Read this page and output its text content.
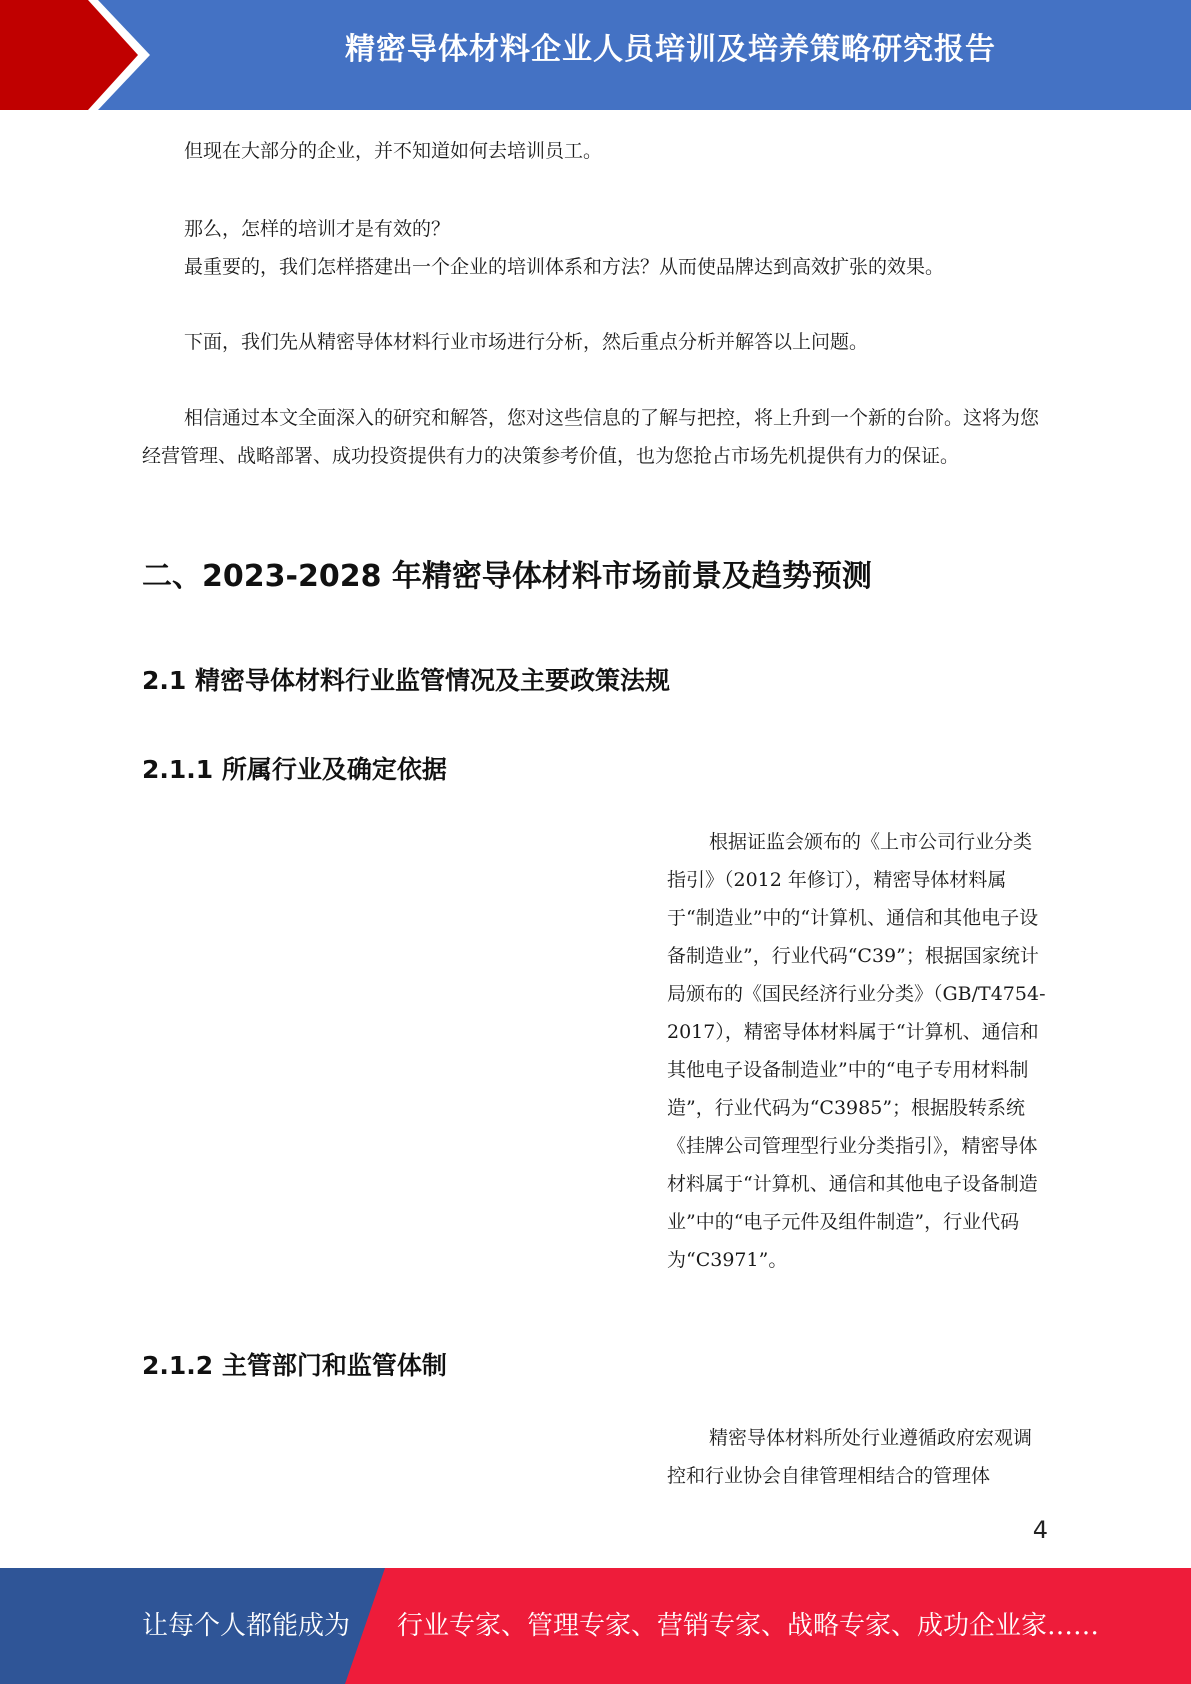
精密导体材料企业人员培训及培养策略研究报告

但现在大部分的企业，并不知道如何去培训员工。

那么，怎样的培训才是有效的？

最重要的，我们怎样搭建出一个企业的培训体系和方法？从而使品牌达到高效扩张的效果。

下面，我们先从精密导体材料行业市场进行分析，然后重点分析并解答以上问题。

相信通过本文全面深入的研究和解答，您对这些信息的了解与把控，将上升到一个新的台阶。这将为您经营管理、战略部署、成功投资提供有力的决策参考价值，也为您抢占市场先机提供有力的保证。

二、2023-2028 年精密导体材料市场前景及趋势预测
2.1 精密导体材料行业监管情况及主要政策法规
2.1.1 所属行业及确定依据

根据证监会颁布的《上市公司行业分类指引》（2012 年修订），精密导体材料属于“制造业”中的“计算机、通信和其他电子设备制造业”，行业代码“C39”；根据国家统计局颁布的《国民经济行业分类》（GB/T4754-2017），精密导体材料属于“计算机、通信和其他电子设备制造业”中的“电子专用材料制造”，行业代码为“C3985”；根据股转系统《挂牌公司管理型行业分类指引》，精密导体材料属于“计算机、通信和其他电子设备制造业”中的“电子元件及组件制造”，行业代码为“C3971”。

2.1.2 主管部门和监管体制

精密导体材料所处行业遵循政府宏观调控和行业协会自律管理相结合的管理体

4
让每个人都能成为 行业专家、管理专家、营销专家、战略专家、成功企业家……
